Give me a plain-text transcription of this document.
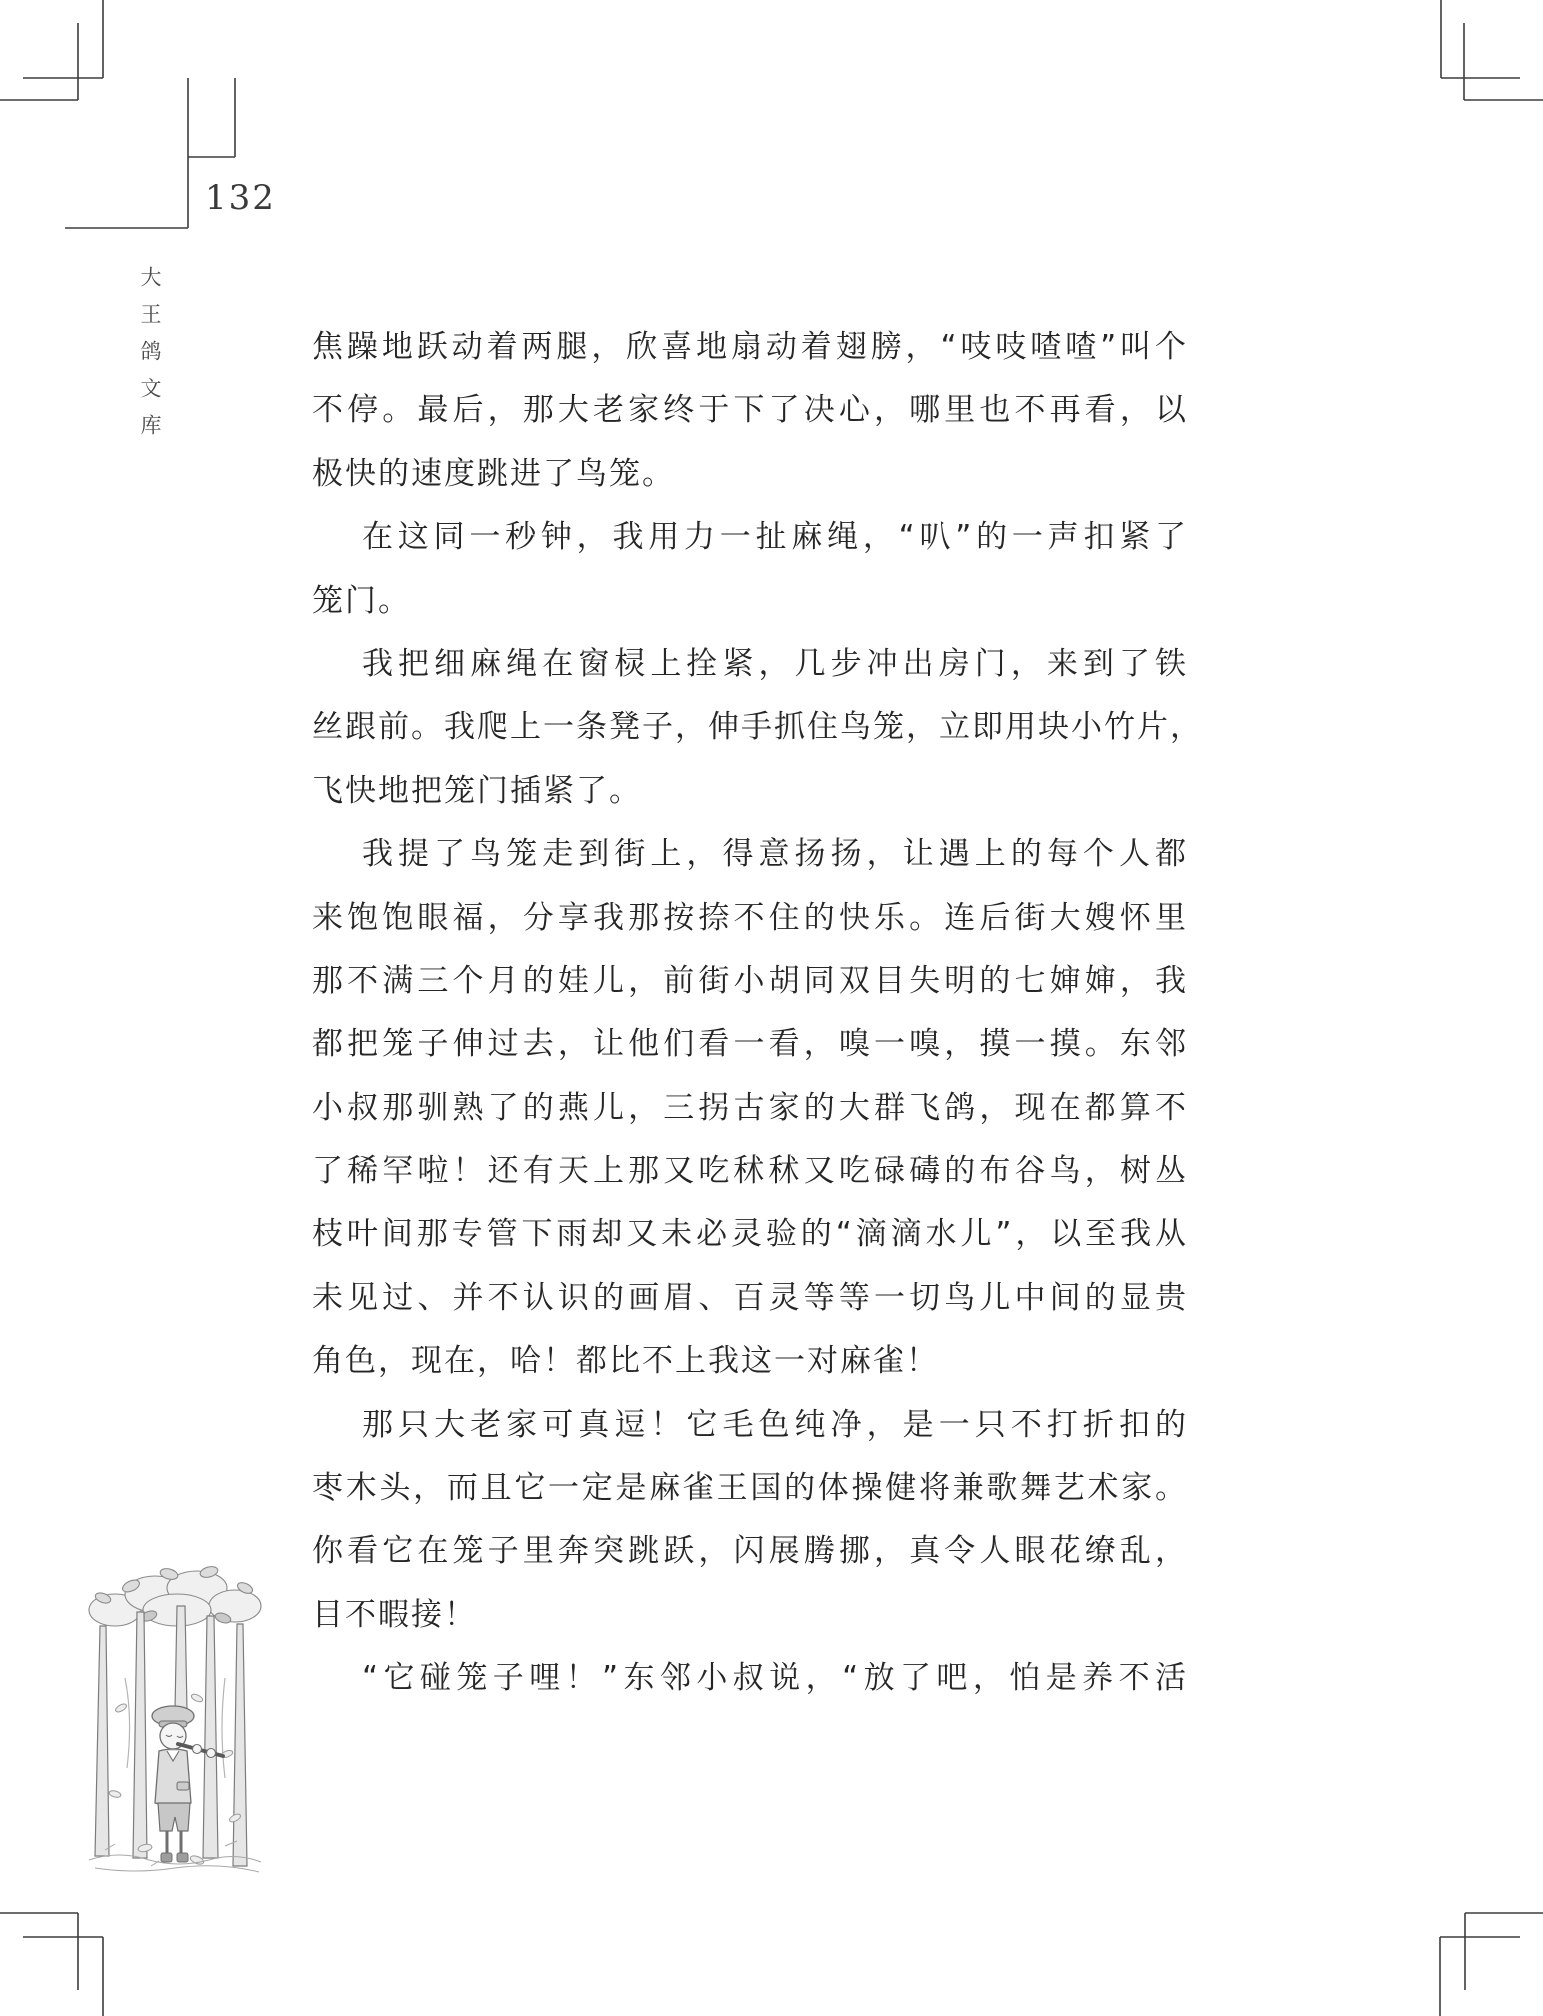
132
大王鸽文库	焦躁地跃动着两腿，欣喜地扇动着翅膀，“吱吱喳喳”叫个
不停。最后，那大老家终于下了决心，哪里也不再看，以
极快的速度跳进了鸟笼。
在这同一秒钟，我用力一扯麻绳，“叭”的一声扣紧了
笼门。
我把细麻绳在窗棂上拴紧，几步冲出房门，来到了铁
丝跟前。我爬上一条凳子，伸手抓住鸟笼，立即用块小竹片，
飞快地把笼门插紧了。
我提了鸟笼走到街上，得意扬扬，让遇上的每个人都
来饱饱眼福，分享我那按捺不住的快乐。连后街大嫂怀里
那不满三个月的娃儿，前街小胡同双目失明的七婶婶，我
都把笼子伸过去，让他们看一看，嗅一嗅，摸一摸。东邻
小叔那驯熟了的燕儿，三拐古家的大群飞鸽，现在都算不
了稀罕啦！还有天上那又吃秫秫又吃碌碡的布谷鸟，树丛
枝叶间那专管下雨却又未必灵验的“滴滴水儿”，以至我从
未见过、并不认识的画眉、百灵等等一切鸟儿中间的显贵
角色，现在，哈！都比不上我这一对麻雀！
那只大老家可真逗！它毛色纯净，是一只不打折扣的
枣木头，而且它一定是麻雀王国的体操健将兼歌舞艺术家。
你看它在笼子里奔突跳跃，闪展腾挪，真令人眼花缭乱，
目不暇接！
“它碰笼子哩！”东邻小叔说，“放了吧，怕是养不活
